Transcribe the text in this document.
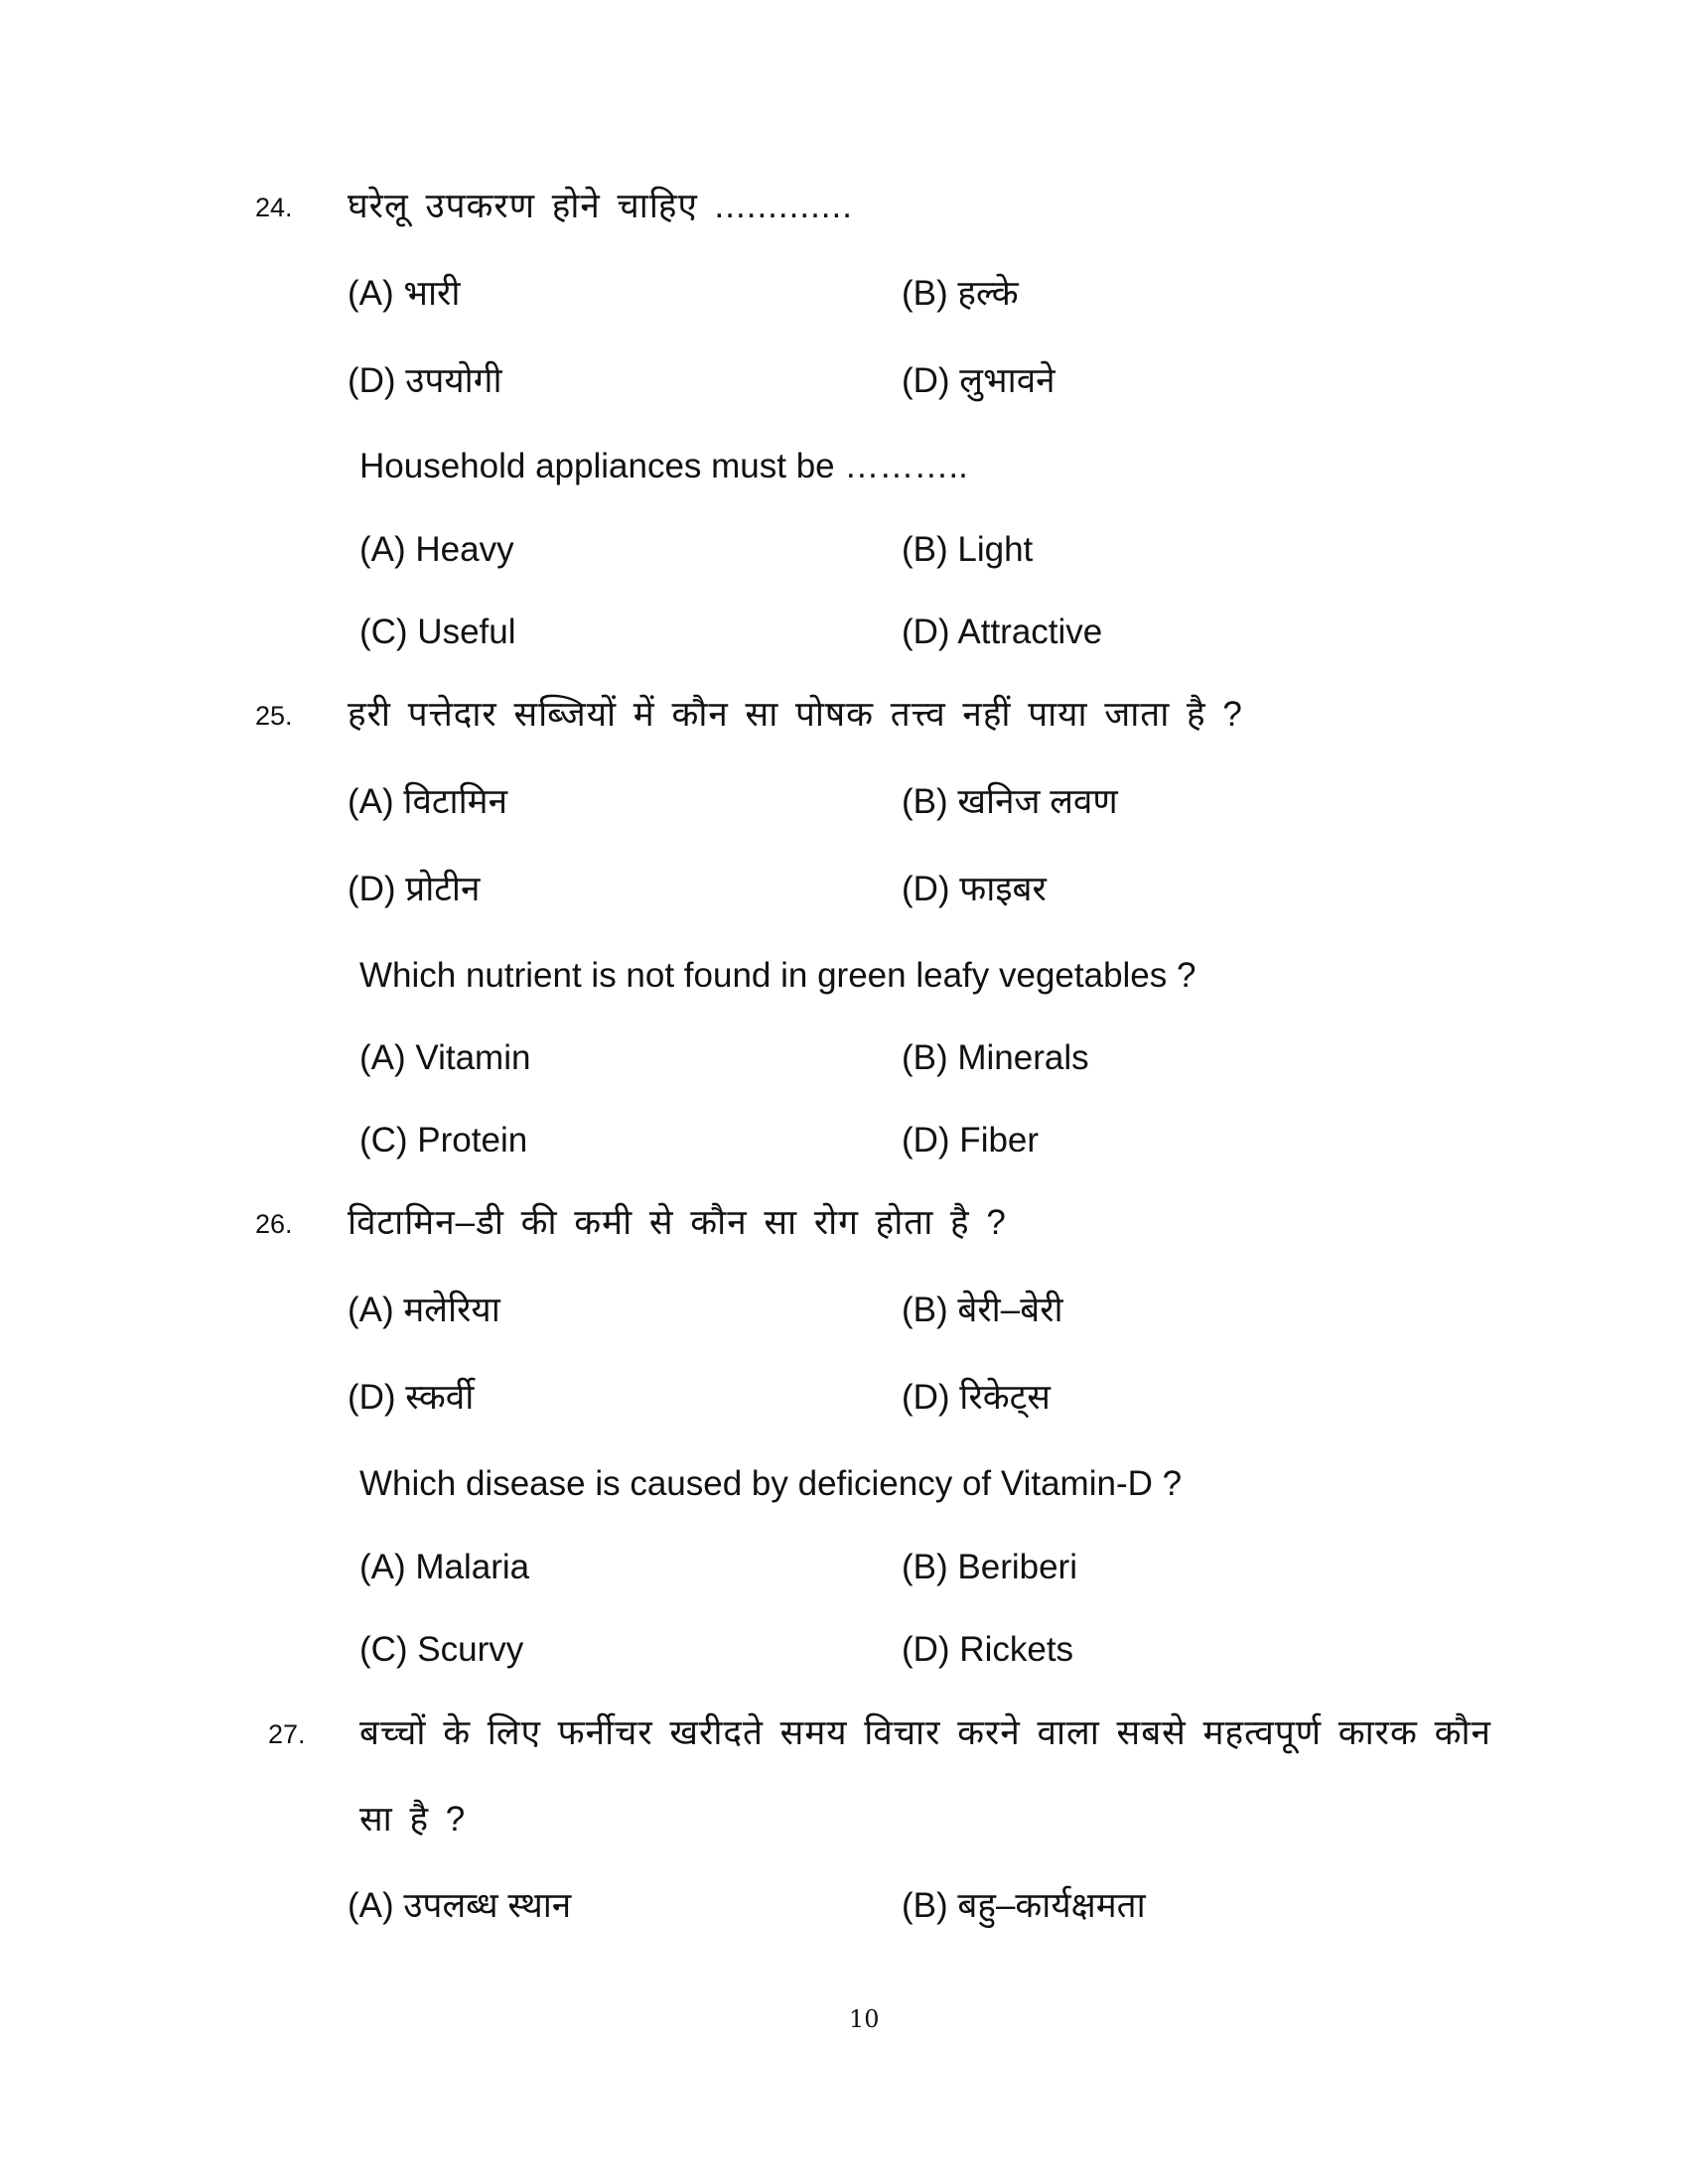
24. घरेलू उपकरण होने चाहिए .............
(A) भारी	(B) हल्के
(D) उपयोगी	(D) लुभावने
Household appliances must be ………..
(A) Heavy	(B) Light
(C) Useful	(D) Attractive
25. हरी पत्तेदार सब्जियों में कौन सा पोषक तत्त्व नहीं पाया जाता है ?
(A) विटामिन	(B) खनिज लवण
(D) प्रोटीन	(D) फाइबर
Which nutrient is not found in green leafy vegetables ?
(A) Vitamin	(B) Minerals
(C) Protein	(D) Fiber
26. विटामिन–डी की कमी से कौन सा रोग होता है ?
(A) मलेरिया	(B) बेरी–बेरी
(D) स्कर्वी	(D) रिकेट्स
Which disease is caused by deficiency of Vitamin-D ?
(A) Malaria	(B) Beriberi
(C) Scurvy	(D) Rickets
27. बच्चों के लिए फर्नीचर खरीदते समय विचार करने वाला सबसे महत्वपूर्ण कारक कौन
सा है ?
(A) उपलब्ध स्थान	(B) बहु–कार्यक्षमता
10
